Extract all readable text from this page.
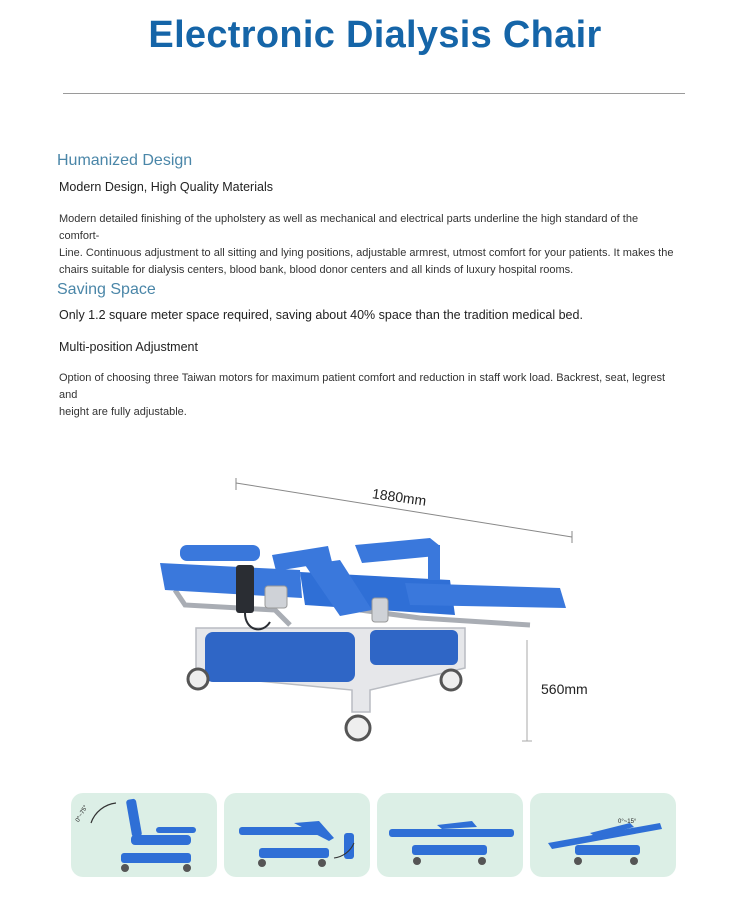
Electronic Dialysis Chair
Humanized Design
Modern Design, High Quality Materials
Modern detailed finishing of the upholstery as well as mechanical and electrical parts underline the high standard of the comfort-
Line. Continuous adjustment to all sitting and lying positions, adjustable armrest, utmost comfort for your patients. It makes the
chairs suitable for dialysis centers, blood bank, blood donor centers and all kinds of luxury hospital rooms.
Saving Space
Only 1.2 square meter space required, saving about 40% space than the tradition medical bed.
Multi-position Adjustment
Option of choosing three Taiwan motors for maximum patient comfort and reduction in staff work load. Backrest, seat, legrest and
height are fully adjustable.
1880mm
560mm
0°~75°	0°~15°
